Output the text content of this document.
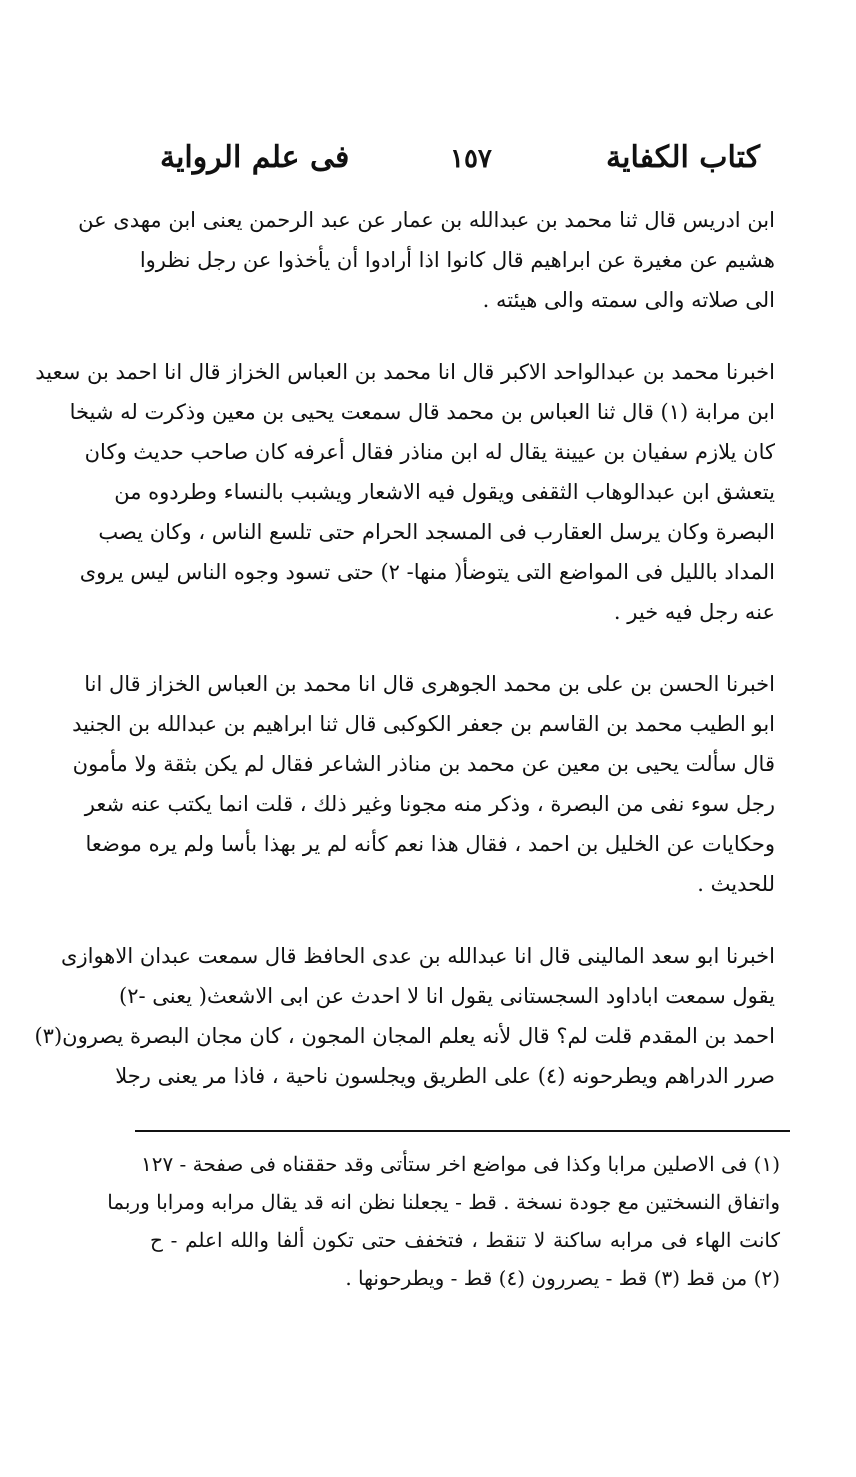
كتاب الكفاية
١٥٧
فى علم الرواية
ابن ادريس قال ثنا محمد بن عبدالله بن عمار عن عبد الرحمن يعنى ابن مهدى عن
هشيم عن مغيرة عن ابراهيم قال كانوا اذا أرادوا أن يأخذوا عن رجل نظروا
الى صلاته والى سمته والى هيئته .
اخبرنا محمد بن عبدالواحد الاكبر قال انا محمد بن العباس الخزاز قال انا احمد بن سعيد
ابن مرابة (١) قال ثنا العباس بن محمد قال سمعت يحيى بن معين وذكرت له شيخا
كان يلازم سفيان بن عيينة يقال له ابن مناذر فقال أعرفه كان صاحب حديث وكان
يتعشق ابن عبدالوهاب الثقفى ويقول فيه الاشعار ويشبب بالنساء وطردوه من
البصرة وكان يرسل العقارب فى المسجد الحرام حتى تلسع الناس ، وكان يصب
المداد بالليل فى المواضع التى يتوضأ( منها- ٢) حتى تسود وجوه الناس ليس يروى
عنه رجل فيه خير .
اخبرنا الحسن بن على بن محمد الجوهرى قال انا محمد بن العباس الخزاز قال انا
ابو الطيب محمد بن القاسم بن جعفر الكوكبى قال ثنا ابراهيم بن عبدالله بن الجنيد
قال سألت يحيى بن معين عن محمد بن مناذر الشاعر فقال لم يكن بثقة ولا مأمون
رجل سوء نفى من البصرة ، وذكر منه مجونا وغير ذلك ، قلت انما يكتب عنه شعر
وحكايات عن الخليل بن احمد ، فقال هذا نعم كأنه لم ير بهذا بأسا ولم يره موضعا
للحديث .
اخبرنا ابو سعد المالينى قال انا عبدالله بن عدى الحافظ قال سمعت عبدان الاهوازى
يقول سمعت اباداود السجستانى يقول انا لا احدث عن ابى الاشعث( يعنى -٢)
احمد بن المقدم قلت لم؟ قال لأنه يعلم المجان المجون ، كان مجان البصرة يصرون(٣)
صرر الدراهم ويطرحونه (٤) على الطريق ويجلسون ناحية ، فاذا مر يعنى رجلا
(١) فى الاصلين مرابا وكذا فى مواضع اخر ستأتى وقد حققناه فى صفحة - ١٢٧
واتفاق النسختين مع جودة نسخة . قط - يجعلنا نظن انه قد يقال مرابه ومرابا وربما
كانت الهاء فى مرابه ساكنة لا تنقط ، فتخفف حتى تكون ألفا والله اعلم - ح
(٢) من قط (٣) قط - يصررون (٤) قط - ويطرحونها .
